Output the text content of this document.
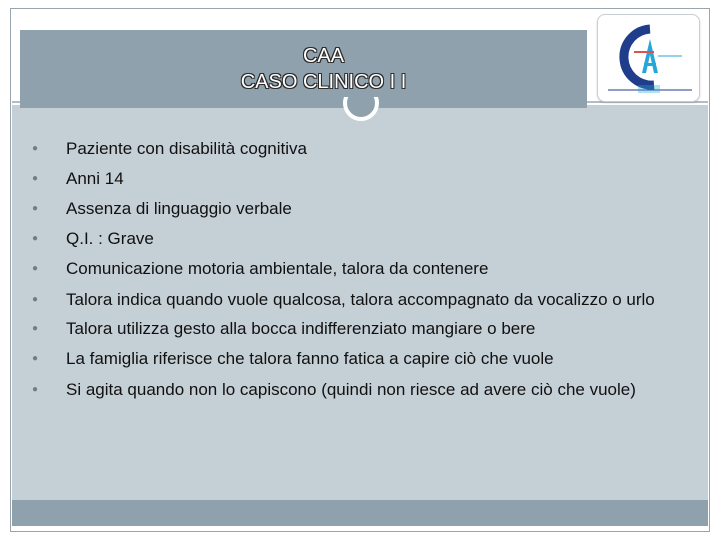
CAA
CASO CLINICO I I
● Paziente con disabilità cognitiva
● Anni 14
● Assenza di linguaggio verbale
● Q.I. : Grave
● Comunicazione motoria ambientale, talora da contenere
● Talora indica quando vuole qualcosa, talora accompagnato da vocalizzo o urlo
● Talora utilizza gesto alla bocca indifferenziato mangiare o bere
● La famiglia riferisce che talora fanno fatica a capire ciò che vuole
● Si agita quando non lo capiscono (quindi non riesce ad avere ciò che vuole)
